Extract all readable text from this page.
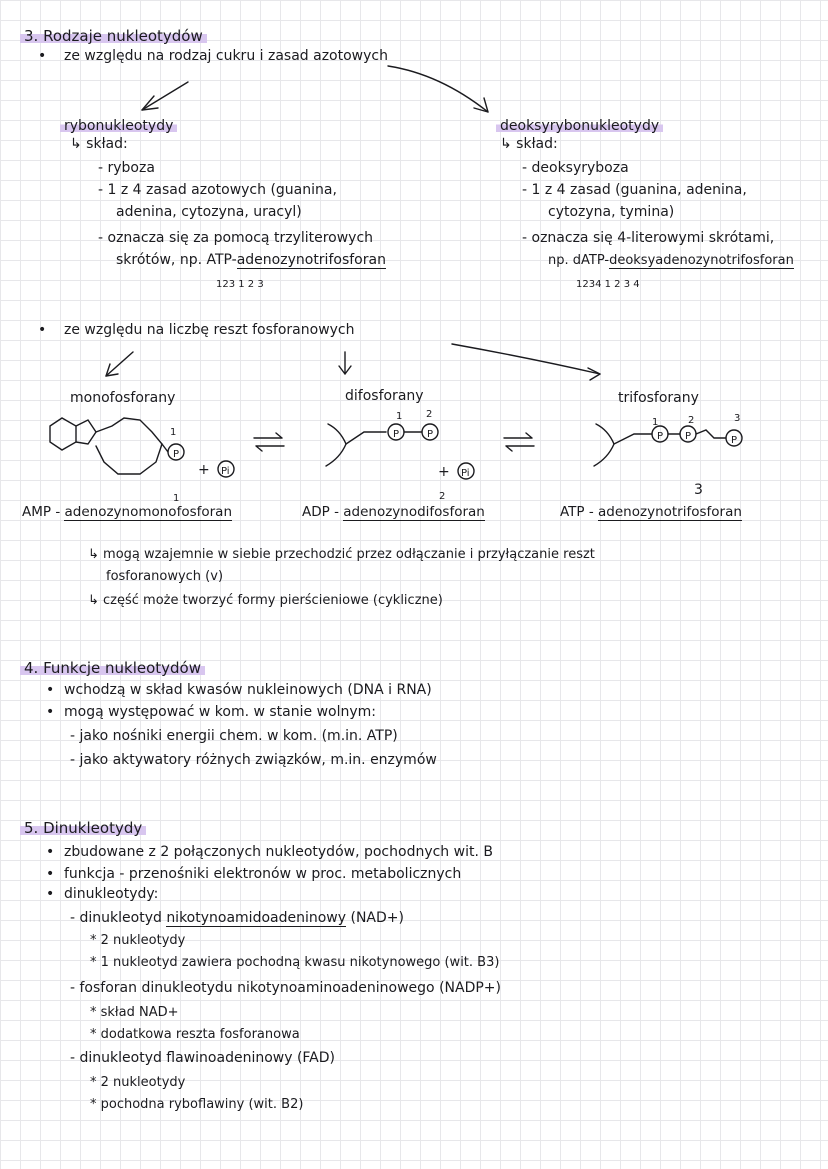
3. Rodzaje nukleotydów
• ze względu na rodzaj cukru i zasad azotowych
rybonukleotydy
↳ skład:
- ryboza
- 1 z 4 zasad azotowych (guanina,
adenina, cytozyna, uracyl)
- oznacza się za pomocą trzyliterowych
skrótów, np. ATP-adenozynotrifosforan
123 1 2 3
deoksyrybonukleotydy
↳ skład:
- deoksyryboza
- 1 z 4 zasad (guanina, adenina,
cytozyna, tymina)
- oznacza się 4-literowymi skrótami,
np. dATP-deoksyadenozynotrifosforan
1234 1 2 3 4
• ze względu na liczbę reszt fosforanowych
monofosforany	difosforany	trifosforany
P
P	P	P P	P
1
1 2
1	2	3
+ Pi	+ Pi
1	2	3
AMP - adenozynomonofosforan	ADP - adenozynodifosforan	ATP - adenozynotrifosforan
↳ mogą wzajemnie w siebie przechodzić przez odłączanie i przyłączanie reszt
fosforanowych (v)
↳ część może tworzyć formy pierścieniowe (cykliczne)
4. Funkcje nukleotydów
• wchodzą w skład kwasów nukleinowych (DNA i RNA)
• mogą występować w kom. w stanie wolnym:
- jako nośniki energii chem. w kom. (m.in. ATP)
- jako aktywatory różnych związków, m.in. enzymów
5. Dinukleotydy
• zbudowane z 2 połączonych nukleotydów, pochodnych wit. B
• funkcja - przenośniki elektronów w proc. metabolicznych
• dinukleotydy:
- dinukleotyd nikotynoamidoadeninowy (NAD+)
* 2 nukleotydy
* 1 nukleotyd zawiera pochodną kwasu nikotynowego (wit. B3)
- fosforan dinukleotydu nikotynoaminoadeninowego (NADP+)
* skład NAD+
* dodatkowa reszta fosforanowa
- dinukleotyd flawinoadeninowy (FAD)
* 2 nukleotydy
* pochodna ryboflawiny (wit. B2)
